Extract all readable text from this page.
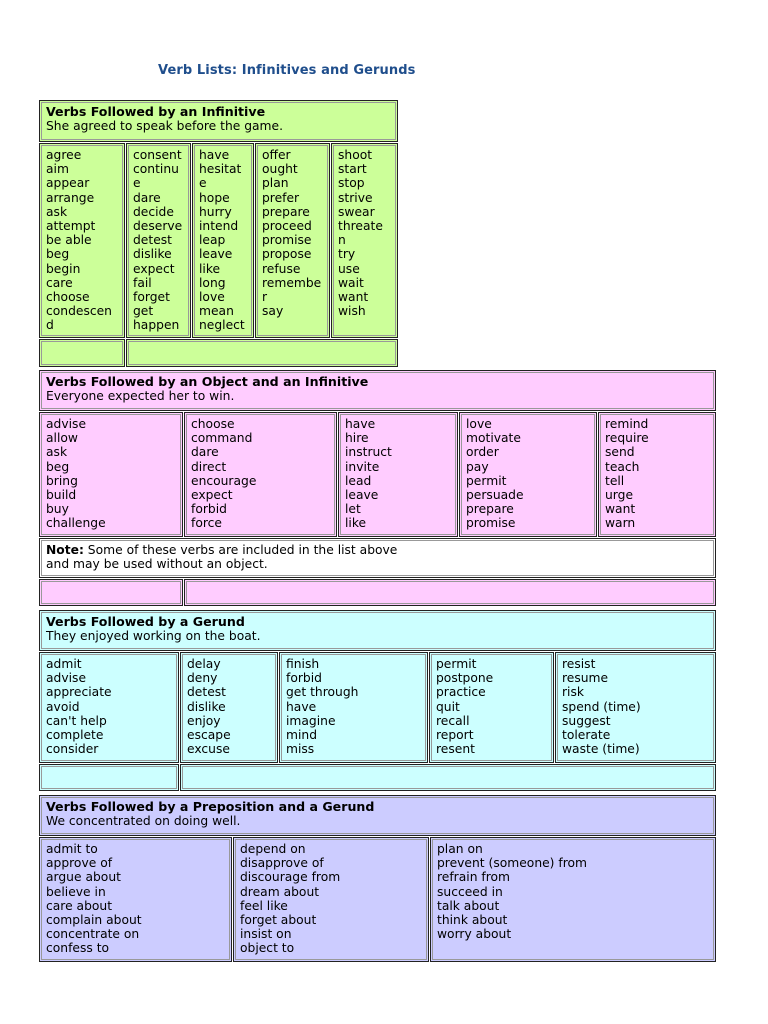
Verb Lists: Infinitives and Gerunds
Verbs Followed by an Infinitive
She agreed to speak before the game.
agree
aim
appear
arrange
ask
attempt
be able
beg
begin
care
choose
condescen
d
consent
continu
e
dare
decide
deserve
detest
dislike
expect
fail
forget
get
happen
have
hesitat
e
hope
hurry
intend
leap
leave
like
long
love
mean
neglect
offer
ought
plan
prefer
prepare
proceed
promise
propose
refuse
remembe
r
say
shoot
start
stop
strive
swear
threate
n
try
use
wait
want
wish
Verbs Followed by an Object and an Infinitive
Everyone expected her to win.
advise
allow
ask
beg
bring
build
buy
challenge
choose
command
dare
direct
encourage
expect
forbid
force
have
hire
instruct
invite
lead
leave
let
like
love
motivate
order
pay
permit
persuade
prepare
promise
remind
require
send
teach
tell
urge
want
warn
Note: Some of these verbs are included in the list above
and may be used without an object.
Verbs Followed by a Gerund
They enjoyed working on the boat.
admit
advise
appreciate
avoid
can't help
complete
consider
delay
deny
detest
dislike
enjoy
escape
excuse
finish
forbid
get through
have
imagine
mind
miss
permit
postpone
practice
quit
recall
report
resent
resist
resume
risk
spend (time)
suggest
tolerate
waste (time)
Verbs Followed by a Preposition and a Gerund
We concentrated on doing well.
admit to
approve of
argue about
believe in
care about
complain about
concentrate on
confess to
depend on
disapprove of
discourage from
dream about
feel like
forget about
insist on
object to
plan on
prevent (someone) from
refrain from
succeed in
talk about
think about
worry about
